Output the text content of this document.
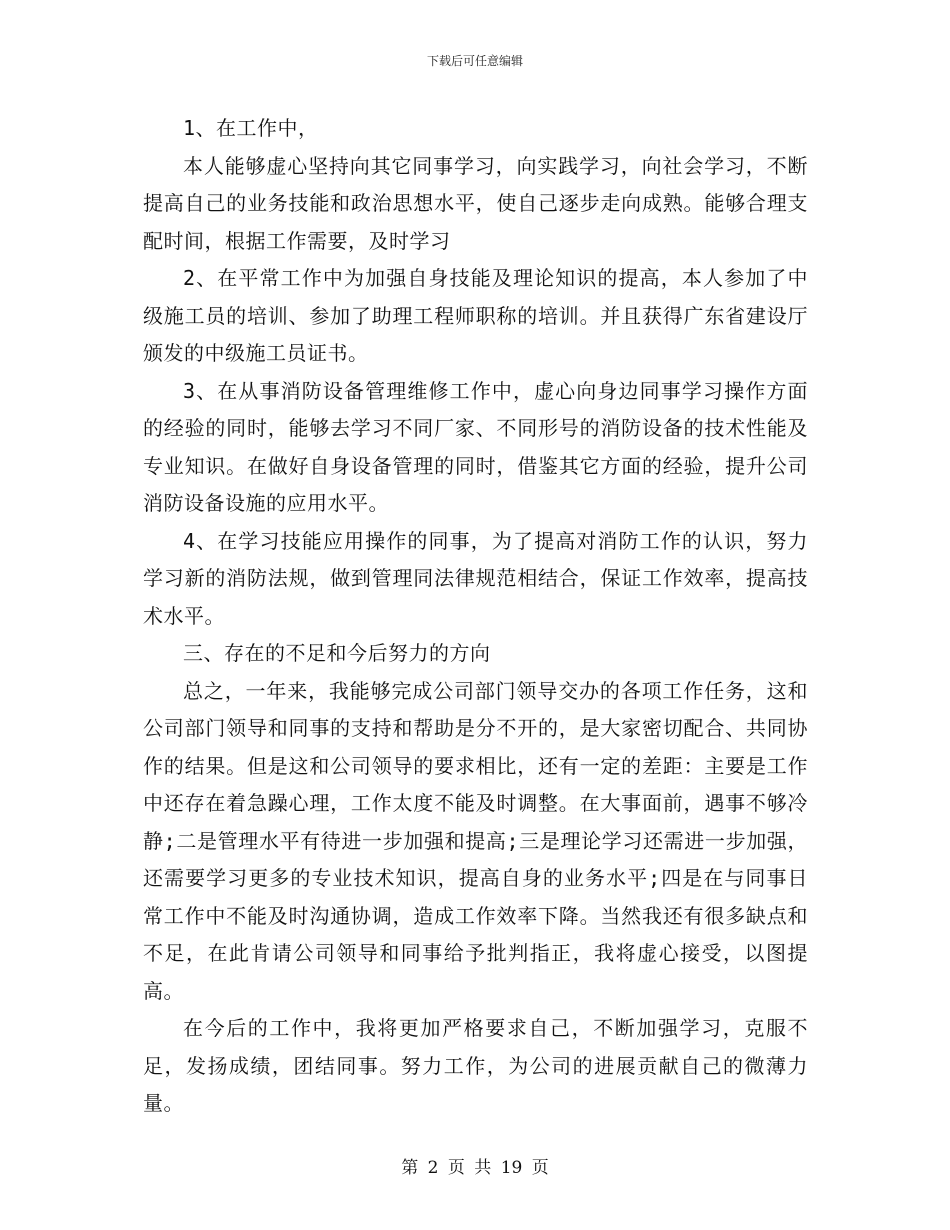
下载后可任意编辑

1、在工作中，

本人能够虚心坚持向其它同事学习，向实践学习，向社会学习，不断提高自己的业务技能和政治思想水平，使自己逐步走向成熟。能够合理支配时间，根据工作需要，及时学习

2、在平常工作中为加强自身技能及理论知识的提高，本人参加了中级施工员的培训、参加了助理工程师职称的培训。并且获得广东省建设厅颁发的中级施工员证书。

3、在从事消防设备管理维修工作中，虚心向身边同事学习操作方面的经验的同时，能够去学习不同厂家、不同形号的消防设备的技术性能及专业知识。在做好自身设备管理的同时，借鉴其它方面的经验，提升公司消防设备设施的应用水平。

4、在学习技能应用操作的同事，为了提高对消防工作的认识，努力学习新的消防法规，做到管理同法律规范相结合，保证工作效率，提高技术水平。

三、存在的不足和今后努力的方向

总之，一年来，我能够完成公司部门领导交办的各项工作任务，这和公司部门领导和同事的支持和帮助是分不开的，是大家密切配合、共同协作的结果。但是这和公司领导的要求相比，还有一定的差距：主要是工作中还存在着急躁心理，工作太度不能及时调整。在大事面前，遇事不够冷静;二是管理水平有待进一步加强和提高;三是理论学习还需进一步加强，还需要学习更多的专业技术知识，提高自身的业务水平;四是在与同事日常工作中不能及时沟通协调，造成工作效率下降。当然我还有很多缺点和不足，在此肯请公司领导和同事给予批判指正，我将虚心接受，以图提高。

在今后的工作中，我将更加严格要求自己，不断加强学习，克服不足，发扬成绩，团结同事。努力工作，为公司的进展贡献自己的微薄力量。

第 2 页 共 19 页
